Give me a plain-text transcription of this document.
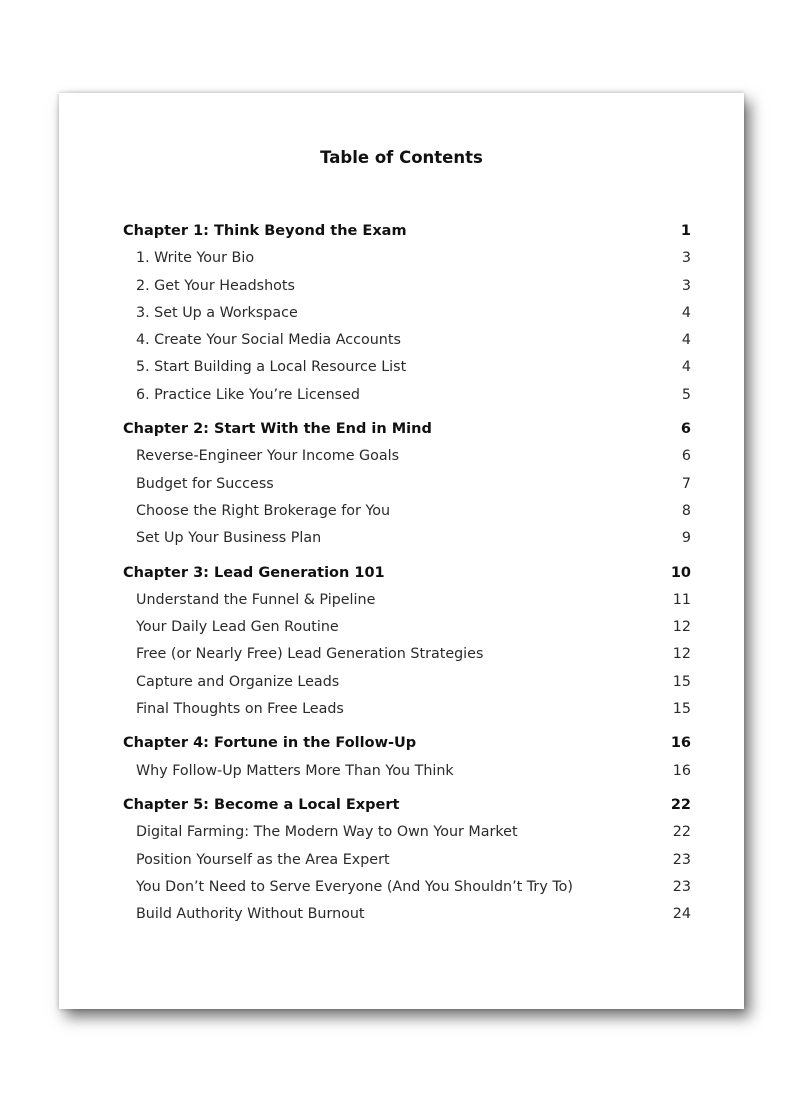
Table of Contents
Chapter 1: Think Beyond the Exam	1
1. Write Your Bio	3
2. Get Your Headshots	3
3. Set Up a Workspace	4
4. Create Your Social Media Accounts	4
5. Start Building a Local Resource List	4
6. Practice Like You’re Licensed	5
Chapter 2: Start With the End in Mind	6
Reverse-Engineer Your Income Goals	6
Budget for Success	7
Choose the Right Brokerage for You	8
Set Up Your Business Plan	9
Chapter 3: Lead Generation 101	10
Understand the Funnel & Pipeline	11
Your Daily Lead Gen Routine	12
Free (or Nearly Free) Lead Generation Strategies	12
Capture and Organize Leads	15
Final Thoughts on Free Leads	15
Chapter 4: Fortune in the Follow-Up	16
Why Follow-Up Matters More Than You Think	16
Chapter 5: Become a Local Expert	22
Digital Farming: The Modern Way to Own Your Market	22
Position Yourself as the Area Expert	23
You Don’t Need to Serve Everyone (And You Shouldn’t Try To)	23
Build Authority Without Burnout	24
